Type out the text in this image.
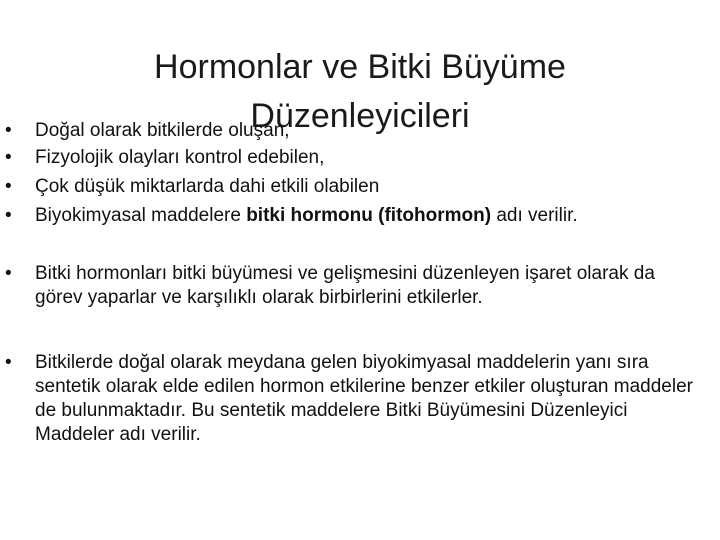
Hormonlar ve Bitki Büyüme
Düzenleyicileri
• Doğal olarak bitkilerde oluşan,
• Fizyolojik olayları kontrol edebilen,
• Çok düşük miktarlarda dahi etkili olabilen
• Biyokimyasal maddelere bitki hormonu (fitohormon) adı verilir.
• Bitki hormonları bitki büyümesi ve gelişmesini düzenleyen işaret olarak da görev yaparlar ve karşılıklı olarak birbirlerini etkilerler.
• Bitkilerde doğal olarak meydana gelen biyokimyasal maddelerin yanı sıra sentetik olarak elde edilen hormon etkilerine benzer etkiler oluşturan maddeler de bulunmaktadır. Bu sentetik maddelere Bitki Büyümesini Düzenleyici Maddeler adı verilir.
